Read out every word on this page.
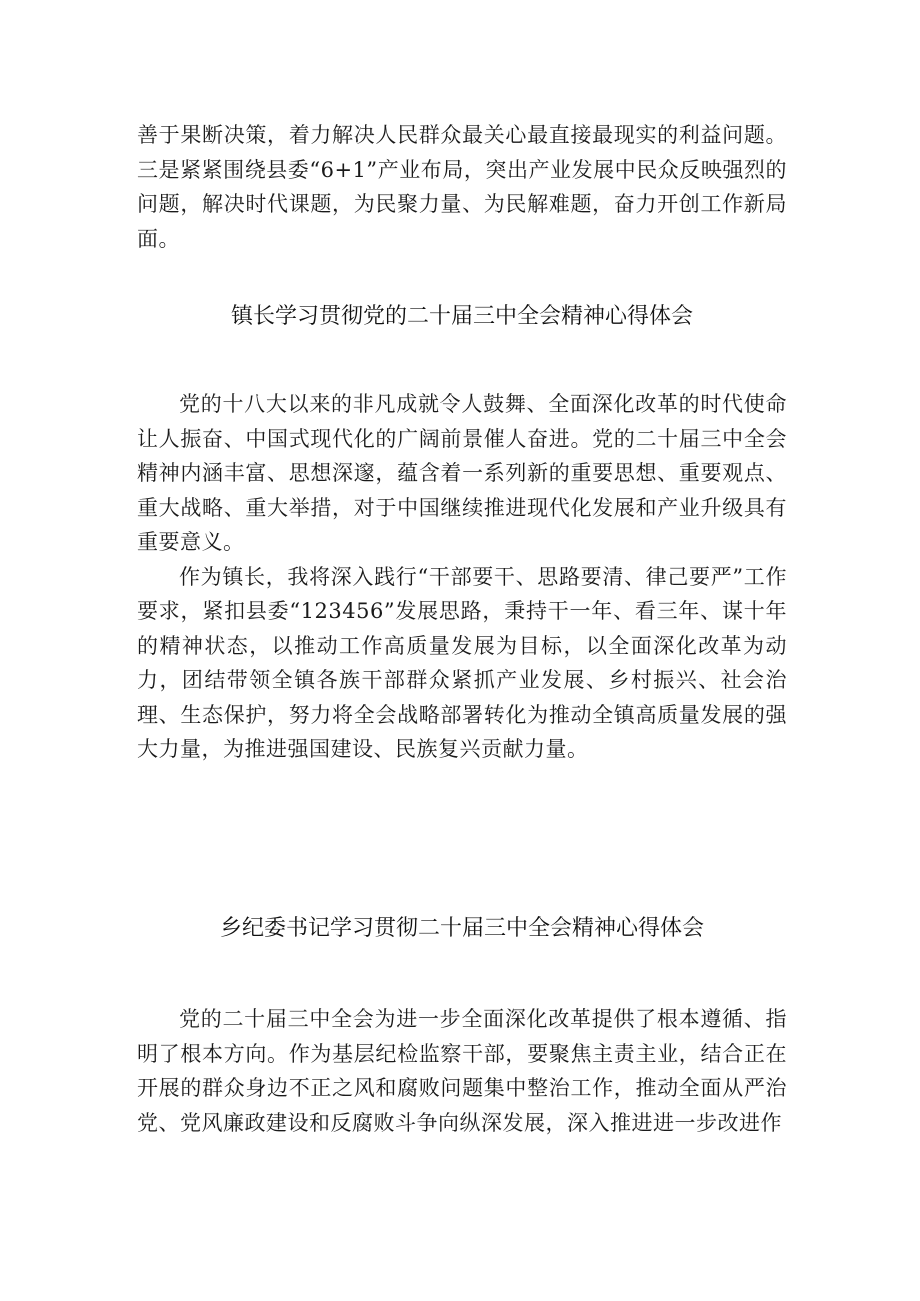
善于果断决策，着力解决人民群众最关心最直接最现实的利益问题。三是紧紧围绕县委“6+1”产业布局，突出产业发展中民众反映强烈的问题，解决时代课题，为民聚力量、为民解难题，奋力开创工作新局面。

镇长学习贯彻党的二十届三中全会精神心得体会

党的十八大以来的非凡成就令人鼓舞、全面深化改革的时代使命让人振奋、中国式现代化的广阔前景催人奋进。党的二十届三中全会精神内涵丰富、思想深邃，蕴含着一系列新的重要思想、重要观点、重大战略、重大举措，对于中国继续推进现代化发展和产业升级具有重要意义。

作为镇长，我将深入践行“干部要干、思路要清、律己要严”工作要求，紧扣县委“123456”发展思路，秉持干一年、看三年、谋十年的精神状态，以推动工作高质量发展为目标，以全面深化改革为动力，团结带领全镇各族干部群众紧抓产业发展、乡村振兴、社会治理、生态保护，努力将全会战略部署转化为推动全镇高质量发展的强大力量，为推进强国建设、民族复兴贡献力量。

乡纪委书记学习贯彻二十届三中全会精神心得体会

党的二十届三中全会为进一步全面深化改革提供了根本遵循、指明了根本方向。作为基层纪检监察干部，要聚焦主责主业，结合正在开展的群众身边不正之风和腐败问题集中整治工作，推动全面从严治党、党风廉政建设和反腐败斗争向纵深发展，深入推进进一步改进作
